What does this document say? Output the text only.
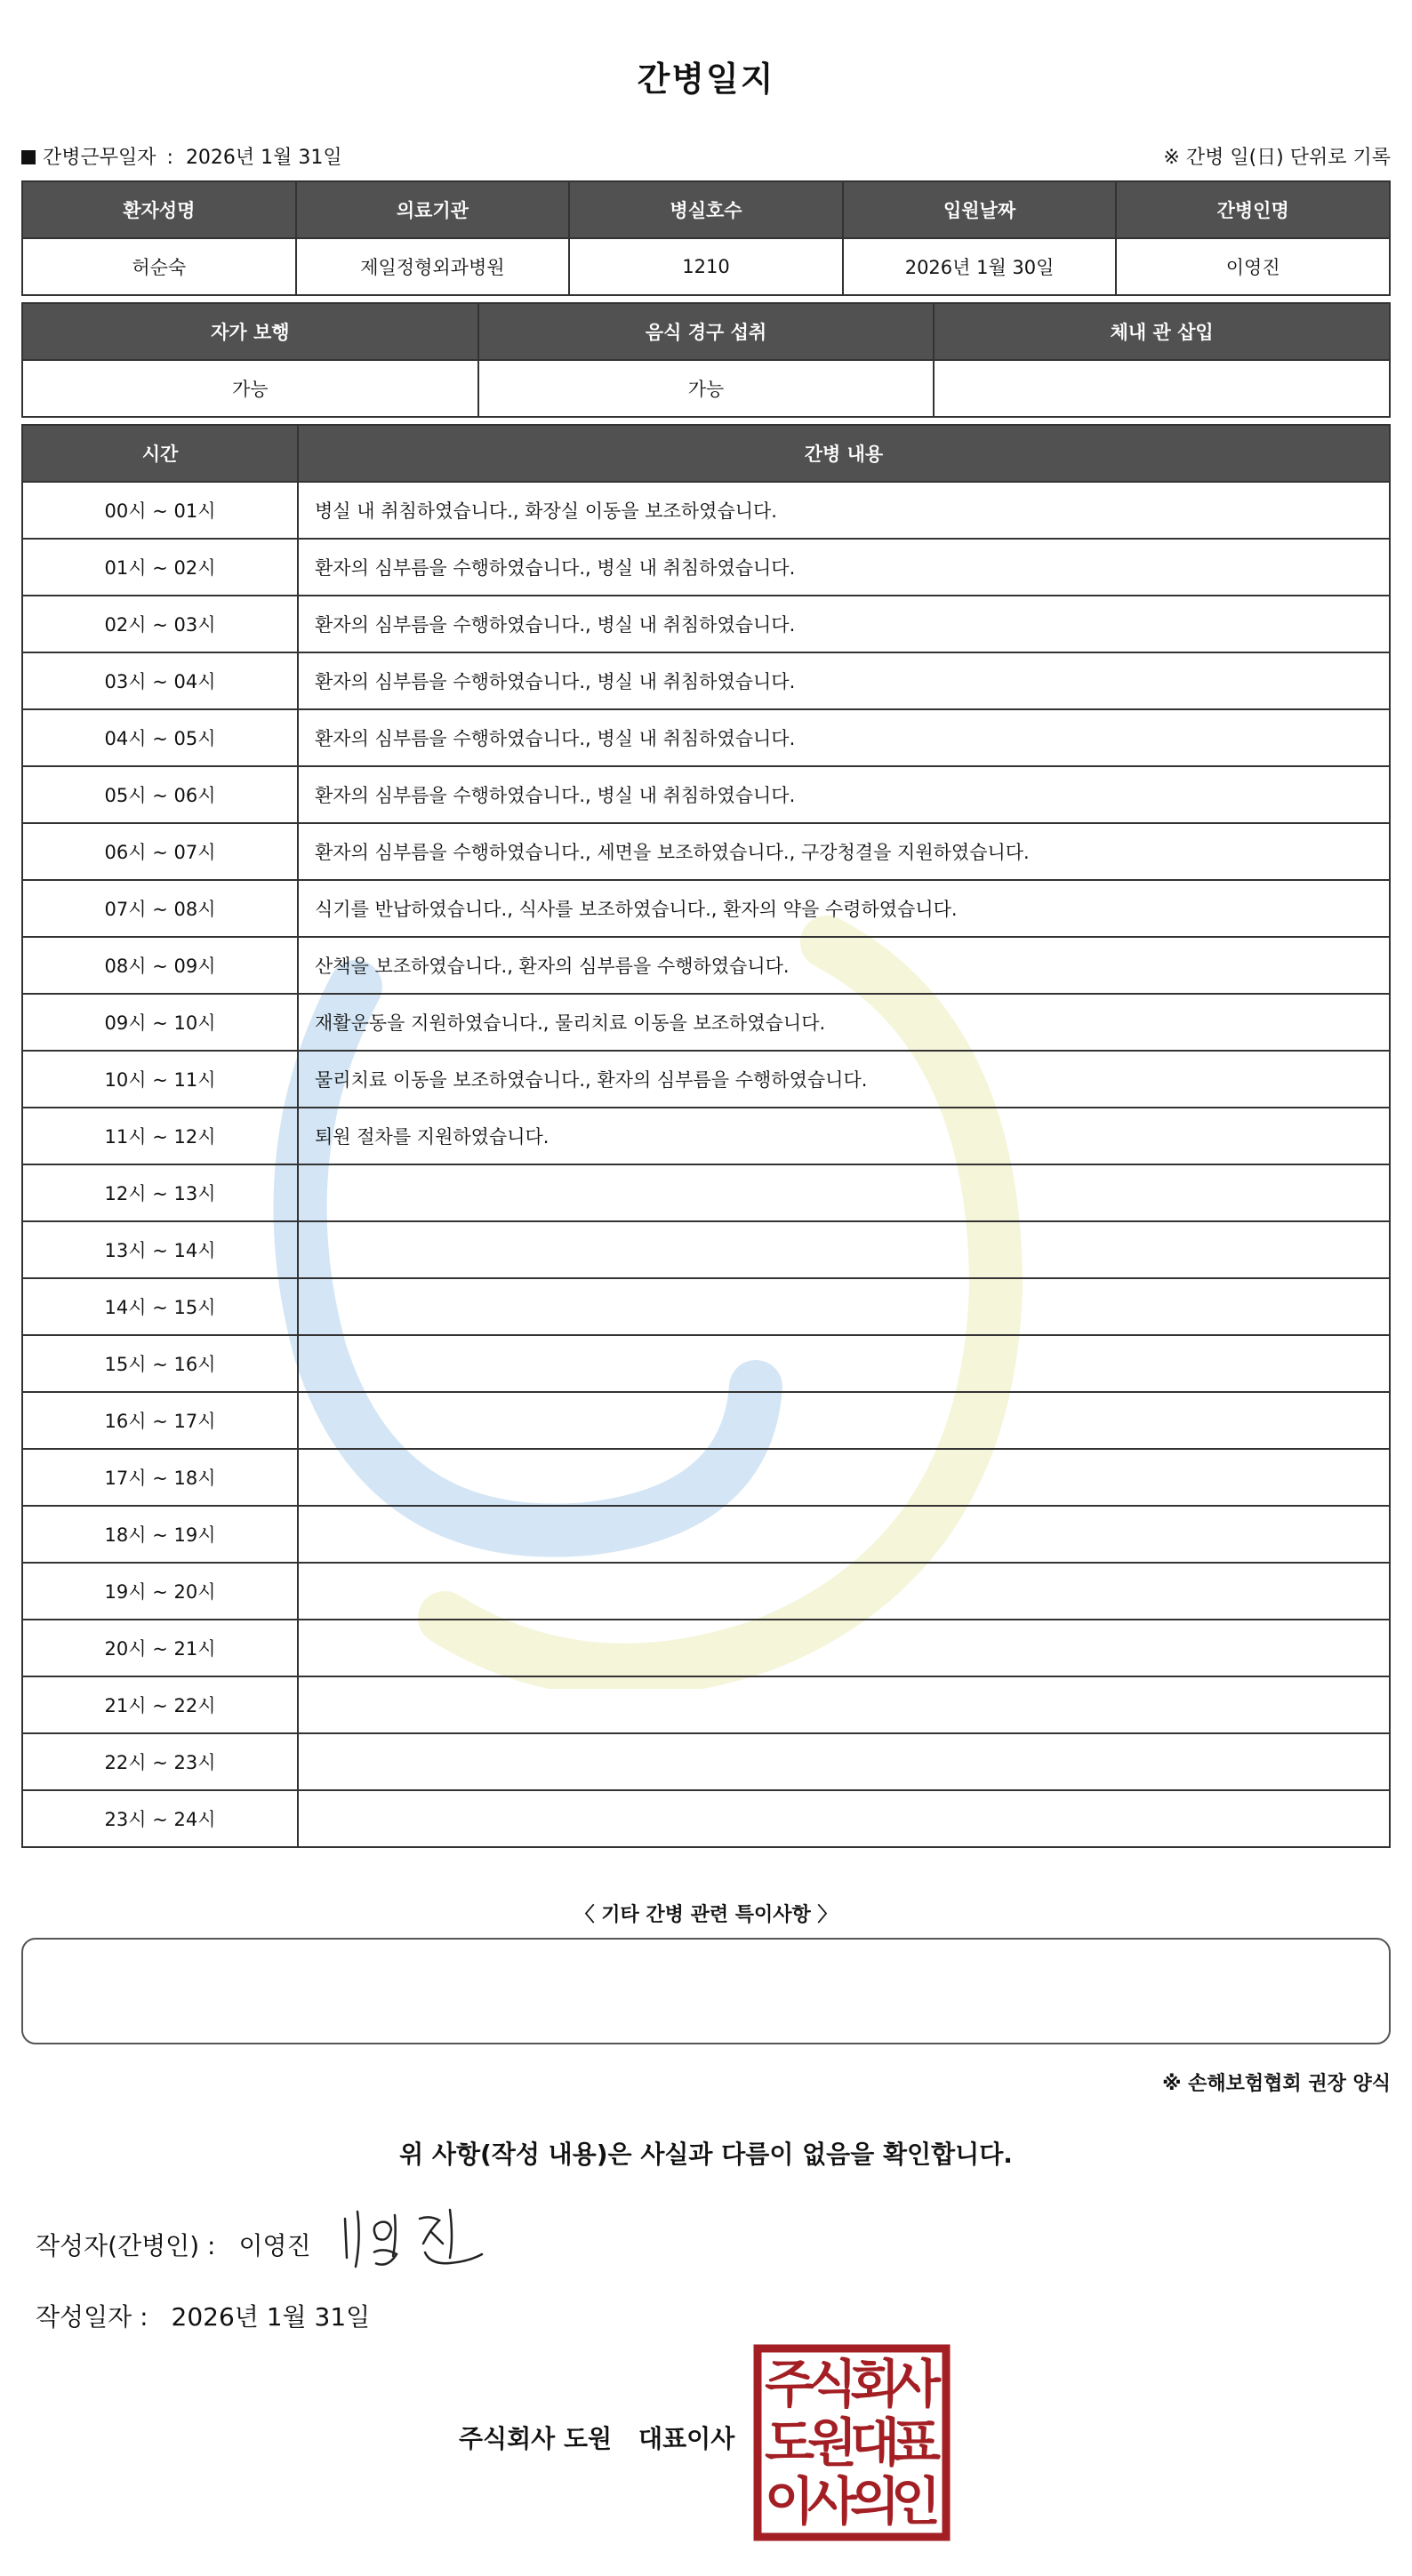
간병일지
간병근무일자 : 2026년 1월 31일	※ 간병 일(日) 단위로 기록
환자성명	의료기관	병실호수	입원날짜	간병인명
허순숙	제일정형외과병원	1210	2026년 1월 30일	이영진
자가 보행	음식 경구 섭취	체내 관 삽입
가능	가능	
시간	간병 내용
00시 ~ 01시	병실 내 취침하였습니다., 화장실 이동을 보조하였습니다.
01시 ~ 02시	환자의 심부름을 수행하였습니다., 병실 내 취침하였습니다.
02시 ~ 03시	환자의 심부름을 수행하였습니다., 병실 내 취침하였습니다.
03시 ~ 04시	환자의 심부름을 수행하였습니다., 병실 내 취침하였습니다.
04시 ~ 05시	환자의 심부름을 수행하였습니다., 병실 내 취침하였습니다.
05시 ~ 06시	환자의 심부름을 수행하였습니다., 병실 내 취침하였습니다.
06시 ~ 07시	환자의 심부름을 수행하였습니다., 세면을 보조하였습니다., 구강청결을 지원하였습니다.
07시 ~ 08시	식기를 반납하였습니다., 식사를 보조하였습니다., 환자의 약을 수령하였습니다.
08시 ~ 09시	산책을 보조하였습니다., 환자의 심부름을 수행하였습니다.
09시 ~ 10시	재활운동을 지원하였습니다., 물리치료 이동을 보조하였습니다.
10시 ~ 11시	물리치료 이동을 보조하였습니다., 환자의 심부름을 수행하였습니다.
11시 ~ 12시	퇴원 절차를 지원하였습니다.
12시 ~ 13시	
13시 ~ 14시	
14시 ~ 15시	
15시 ~ 16시	
16시 ~ 17시	
17시 ~ 18시	
18시 ~ 19시	
19시 ~ 20시	
20시 ~ 21시	
21시 ~ 22시	
22시 ~ 23시	
23시 ~ 24시	
〈 기타 간병 관련 특이사항 〉
※ 손해보험협회 권장 양식
위 사항(작성 내용)은 사실과 다름이 없음을 확인합니다.
작성자(간병인) : 이영진
작성일자 : 2026년 1월 31일
주식회사 도원 대표이사
주
식
회
사
도
원
대
표
이
사
의
인
